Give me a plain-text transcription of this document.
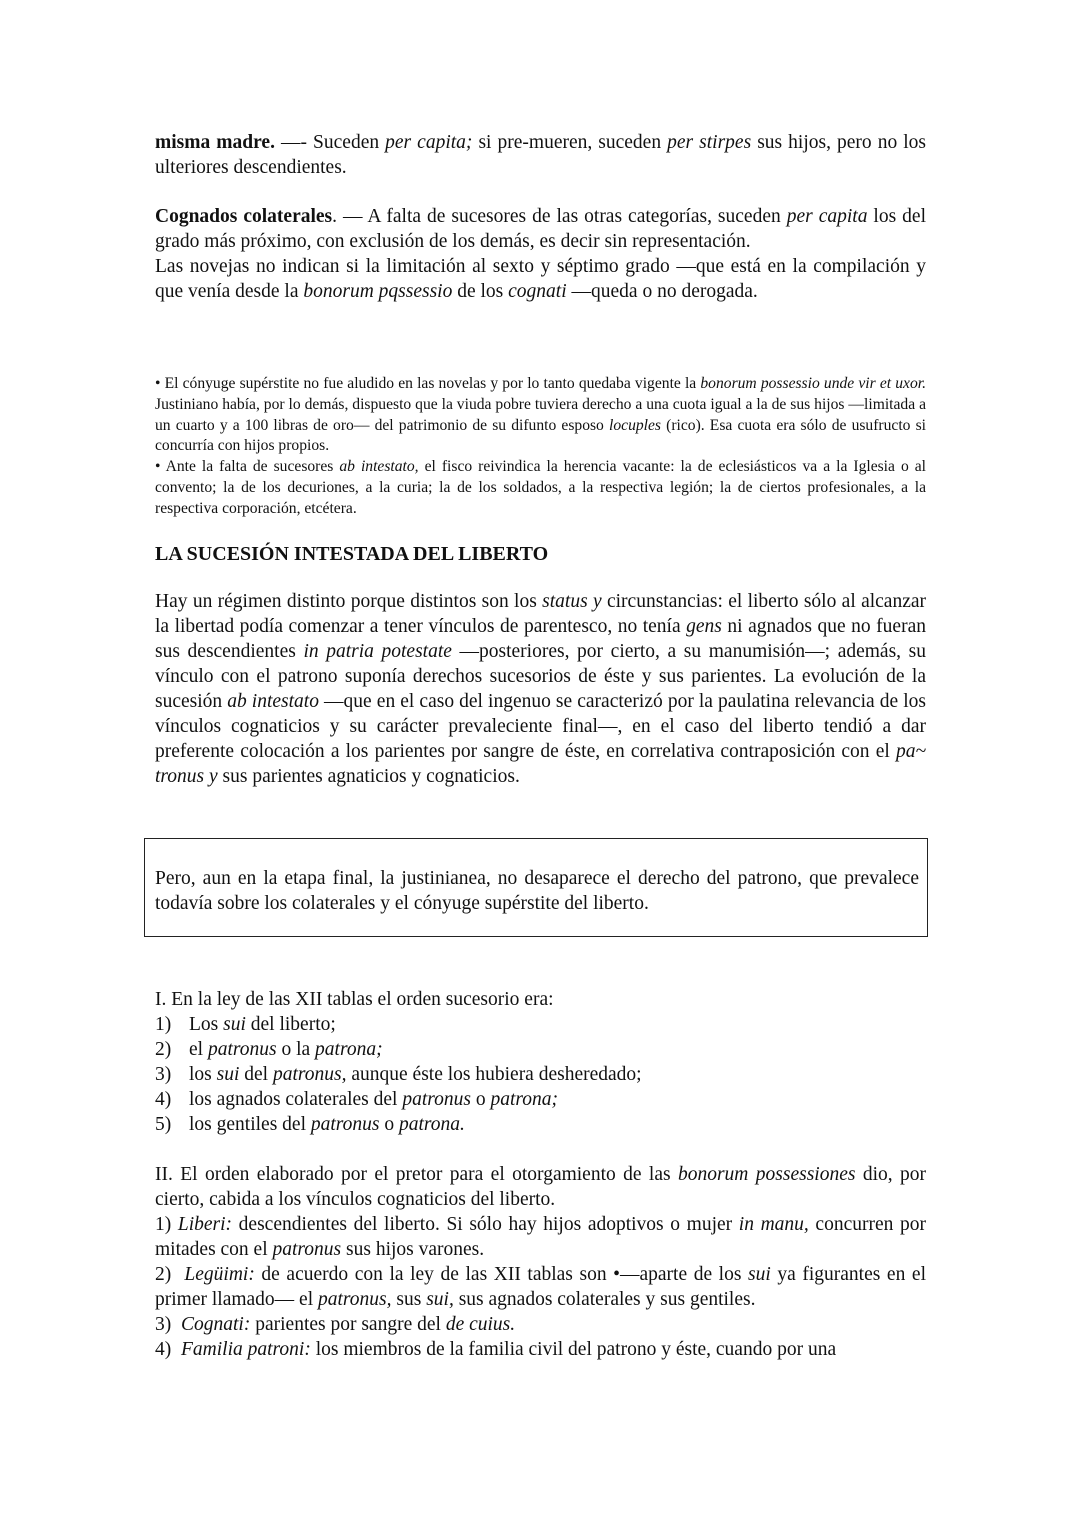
misma madre. —- Suceden per capita; si pre-mueren, suceden per stirpes sus hijos, pero no los ulteriores descendientes.

Cognados colaterales. — A falta de sucesores de las otras categorías, suceden per capita los del grado más próximo, con exclusión de los demás, es decir sin representación.

Las novejas no indican si la limitación al sexto y séptimo grado —que está en la compilación y que venía desde la bonorum pqssessio de los cognati —queda o no derogada.

• El cónyuge supérstite no fue aludido en las novelas y por lo tanto quedaba vigente la bonorum possessio unde vir et uxor. Justiniano había, por lo demás, dispuesto que la viuda pobre tuviera derecho a una cuota igual a la de sus hijos —limitada a un cuarto y a 100 libras de oro— del patrimonio de su difunto esposo locuples (rico). Esa cuota era sólo de usufructo si concurría con hijos propios.

• Ante la falta de sucesores ab intestato, el fisco reivindica la herencia vacante: la de eclesiásticos va a la Iglesia o al convento; la de los decuriones, a la curia; la de los soldados, a la respectiva legión; la de ciertos profesionales, a la respectiva corporación, etcétera.

LA SUCESIÓN INTESTADA DEL LIBERTO

Hay un régimen distinto porque distintos son los status y circunstancias: el liberto sólo al alcanzar la libertad podía comenzar a tener vínculos de parentesco, no tenía gens ni agnados que no fueran sus descendientes in patria potestate —posteriores, por cierto, a su manumisión—; además, su vínculo con el patrono suponía derechos sucesorios de éste y sus parientes. La evolución de la sucesión ab intestato —que en el caso del ingenuo se caracterizó por la paulatina relevancia de los vínculos cognaticios y su carácter prevaleciente final—, en el caso del liberto tendió a dar preferente colocación a los parientes por sangre de éste, en correlativa contraposición con el pa~ tronus y sus parientes agnaticios y cognaticios.

Pero, aun en la etapa final, la justinianea, no desaparece el derecho del patrono, que prevalece todavía sobre los colaterales y el cónyuge supérstite del liberto.

I. En la ley de las XII tablas el orden sucesorio era:

1) Los sui del liberto;

2) el patronus o la patrona;

3) los sui del patronus, aunque éste los hubiera desheredado;

4) los agnados colaterales del patronus o patrona;

5) los gentiles del patronus o patrona.

II. El orden elaborado por el pretor para el otorgamiento de las bonorum possessiones dio, por cierto, cabida a los vínculos cognaticios del liberto.

1) Liberi: descendientes del liberto. Si sólo hay hijos adoptivos o mujer in manu, concurren por mitades con el patronus sus hijos varones.

2)  Legüimi: de acuerdo con la ley de las XII tablas son •—aparte de los sui ya figurantes en el primer llamado— el patronus, sus sui, sus agnados colaterales y sus gentiles.

3)  Cognati: parientes por sangre del de cuius.

4)  Familia patroni: los miembros de la familia civil del patrono y éste, cuando por una
